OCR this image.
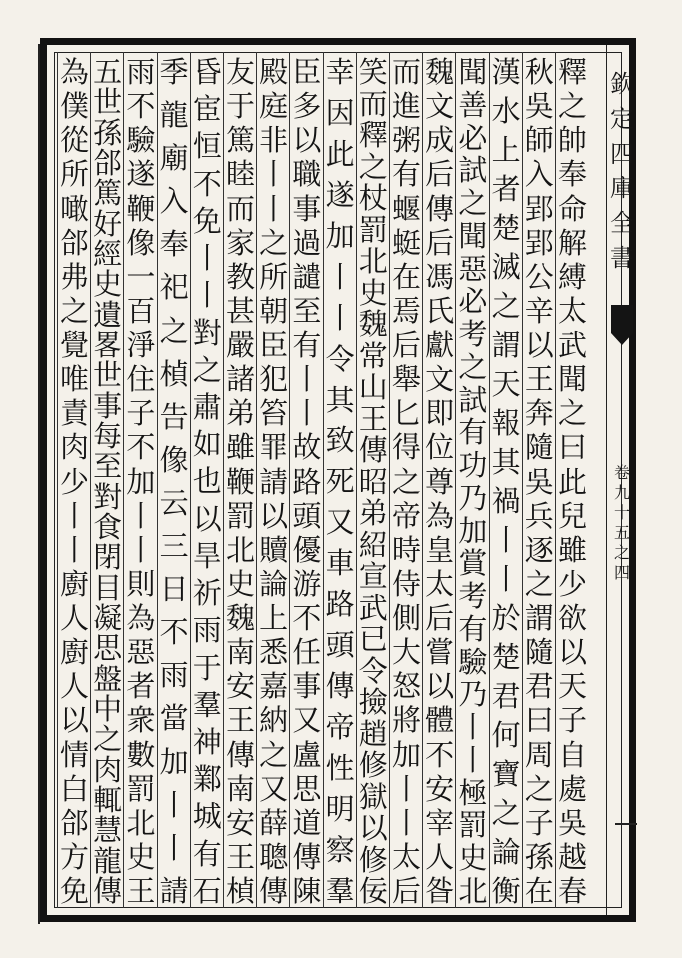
釋
之
帥
奉
命
解
縛
太
武
聞
之
曰
此
兒
雖
少
欲
以
天
子
自
處
吳
越
春
秋
吳
師
入
郢
郢
公
辛
以
王
奔
隨
吳
兵
逐
之
謂
隨
君
曰
周
之
子
孫
在
漢
水
上
者
楚
滅
之
謂
天
報
其
禍
丨
丨
於
楚
君
何
寶
之
論
衡
聞
善
必
試
之
聞
惡
必
考
之
試
有
功
乃
加
賞
考
有
驗
乃
丨
丨
極
罰
史
北
魏
文
成
后
傳
后
馮
氏
獻
文
即
位
尊
為
皇
太
后
嘗
以
體
不
安
宰
人
昝
而
進
粥
有
蝘
蜓
在
焉
后
舉
匕
得
之
帝
時
侍
側
大
怒
將
加
丨
丨
太
后
笑
而
釋
之
杖
罰
北
史
魏
常
山
王
傳
昭
弟
紹
宣
武
已
令
撿
趙
修
獄
以
修
佞
幸
因
此
遂
加
丨
丨
令
其
致
死
又
車
路
頭
傳
帝
性
明
察
羣
臣
多
以
職
事
過
譴
至
有
丨
丨
故
路
頭
優
游
不
任
事
又
盧
思
道
傳
陳
殿
庭
非
丨
丨
之
所
朝
臣
犯
笞
罪
請
以
贖
論
上
悉
嘉
納
之
又
薛
聰
傳
友
于
篤
睦
而
家
教
甚
嚴
諸
弟
雖
鞭
罰
北
史
魏
南
安
王
傳
南
安
王
楨
昏
宦
恒
不
免
丨
丨
對
之
肅
如
也
以
旱
祈
雨
于
羣
神
鄴
城
有
石
季
龍
廟
入
奉
祀
之
楨
告
像
云
三
日
不
雨
當
加
丨
丨
請
雨
不
驗
遂
鞭
像
一
百
淨
住
子
不
加
丨
丨
則
為
惡
者
衆
數
罰
北
史
王
五
世
孫
郃
篤
好
經
史
遺
畧
世
事
每
至
對
食
閉
目
凝
思
盤
中
之
肉
輒
慧
龍
傳
為
僕
從
所
噉
郃
弗
之
覺
唯
責
肉
少
丨
丨
廚
人
廚
人
以
情
白
郃
方
免
欽
定
四
庫
全
書
卷
九
十
五
之
四
